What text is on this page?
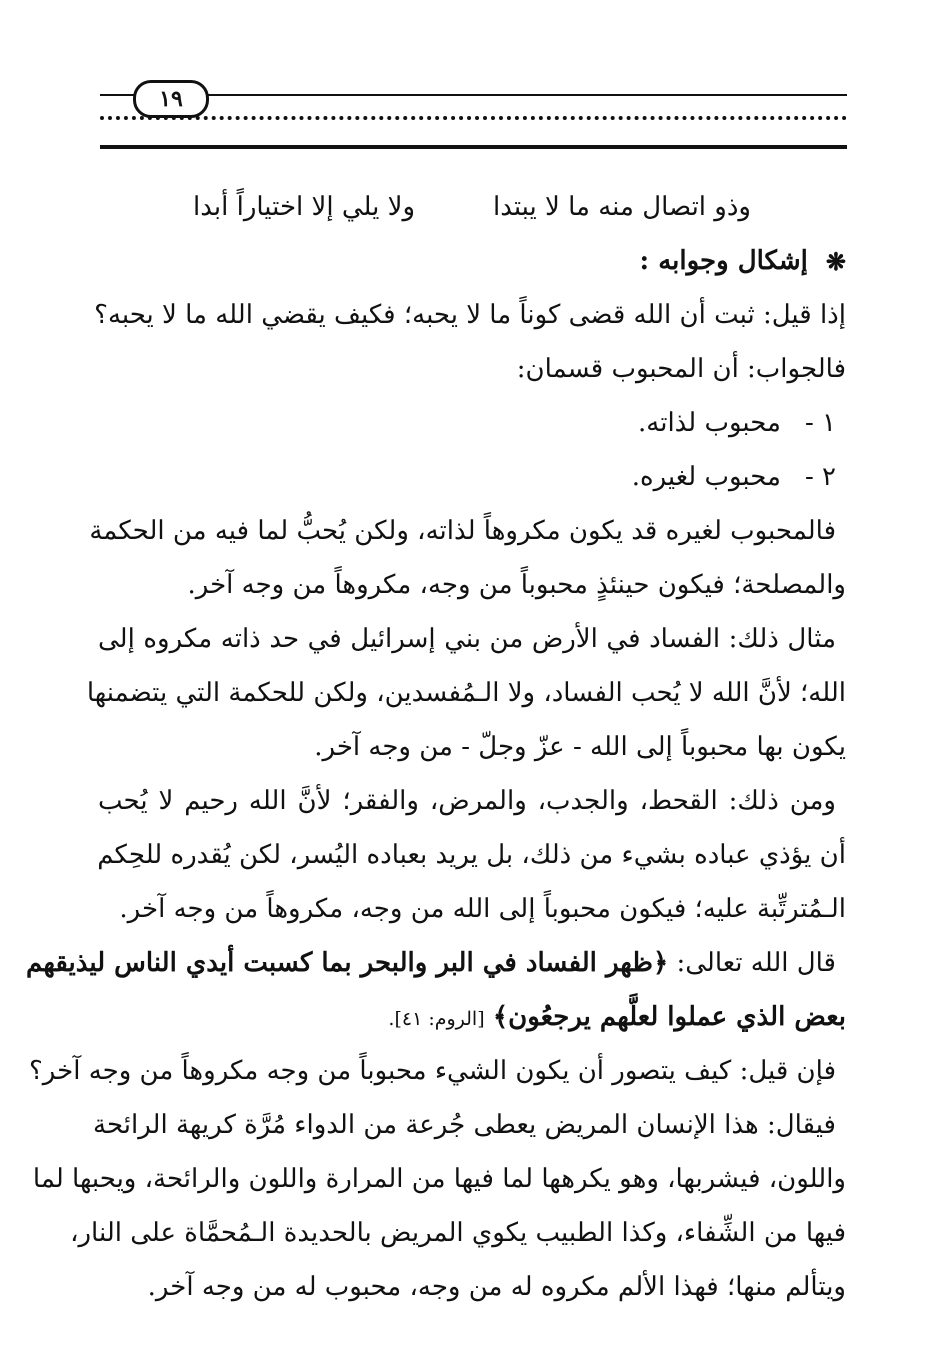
١٩
وذو اتصال منه ما لا يبتدا
ولا يلي إلا اختياراً أبدا
❋
إشكال وجوابه :
إذا قيل: ثبت أن الله قضى كوناً ما لا يحبه؛ فكيف يقضي الله ما لا يحبه؟
فالجواب: أن المحبوب قسمان:
١ -
محبوب لذاته.
٢ -
محبوب لغيره.
فالمحبوب لغيره قد يكون مكروهاً لذاته، ولكن يُحبُّ لما فيه من الحكمة
والمصلحة؛ فيكون حينئذٍ محبوباً من وجه، مكروهاً من وجه آخر.
مثال ذلك: الفساد في الأرض من بني إسرائيل في حد ذاته مكروه إلى
الله؛ لأنَّ الله لا يُحب الفساد، ولا الـمُفسدين، ولكن للحكمة التي يتضمنها
يكون بها محبوباً إلى الله - عزّ وجلّ - من وجه آخر.
ومن ذلك: القحط، والجدب، والمرض، والفقر؛ لأنَّ الله رحيم لا يُحب
أن يؤذي عباده بشيء من ذلك، بل يريد بعباده اليُسر، لكن يُقدره للحِكم
الـمُترتِّبة عليه؛ فيكون محبوباً إلى الله من وجه، مكروهاً من وجه آخر.
قال الله تعالى: ﴿ظهر الفساد في البر والبحر بما كسبت أيدي الناس ليذيقهم
بعض الذي عملوا لعلَّهم يرجعُون﴾ [الروم: ٤١].
فإن قيل: كيف يتصور أن يكون الشيء محبوباً من وجه مكروهاً من وجه آخر؟
فيقال: هذا الإنسان المريض يعطى جُرعة من الدواء مُرَّة كريهة الرائحة
واللون، فيشربها، وهو يكرهها لما فيها من المرارة واللون والرائحة، ويحبها لما
فيها من الشِّفاء، وكذا الطبيب يكوي المريض بالحديدة الـمُحمَّاة على النار،
ويتألم منها؛ فهذا الألم مكروه له من وجه، محبوب له من وجه آخر.
